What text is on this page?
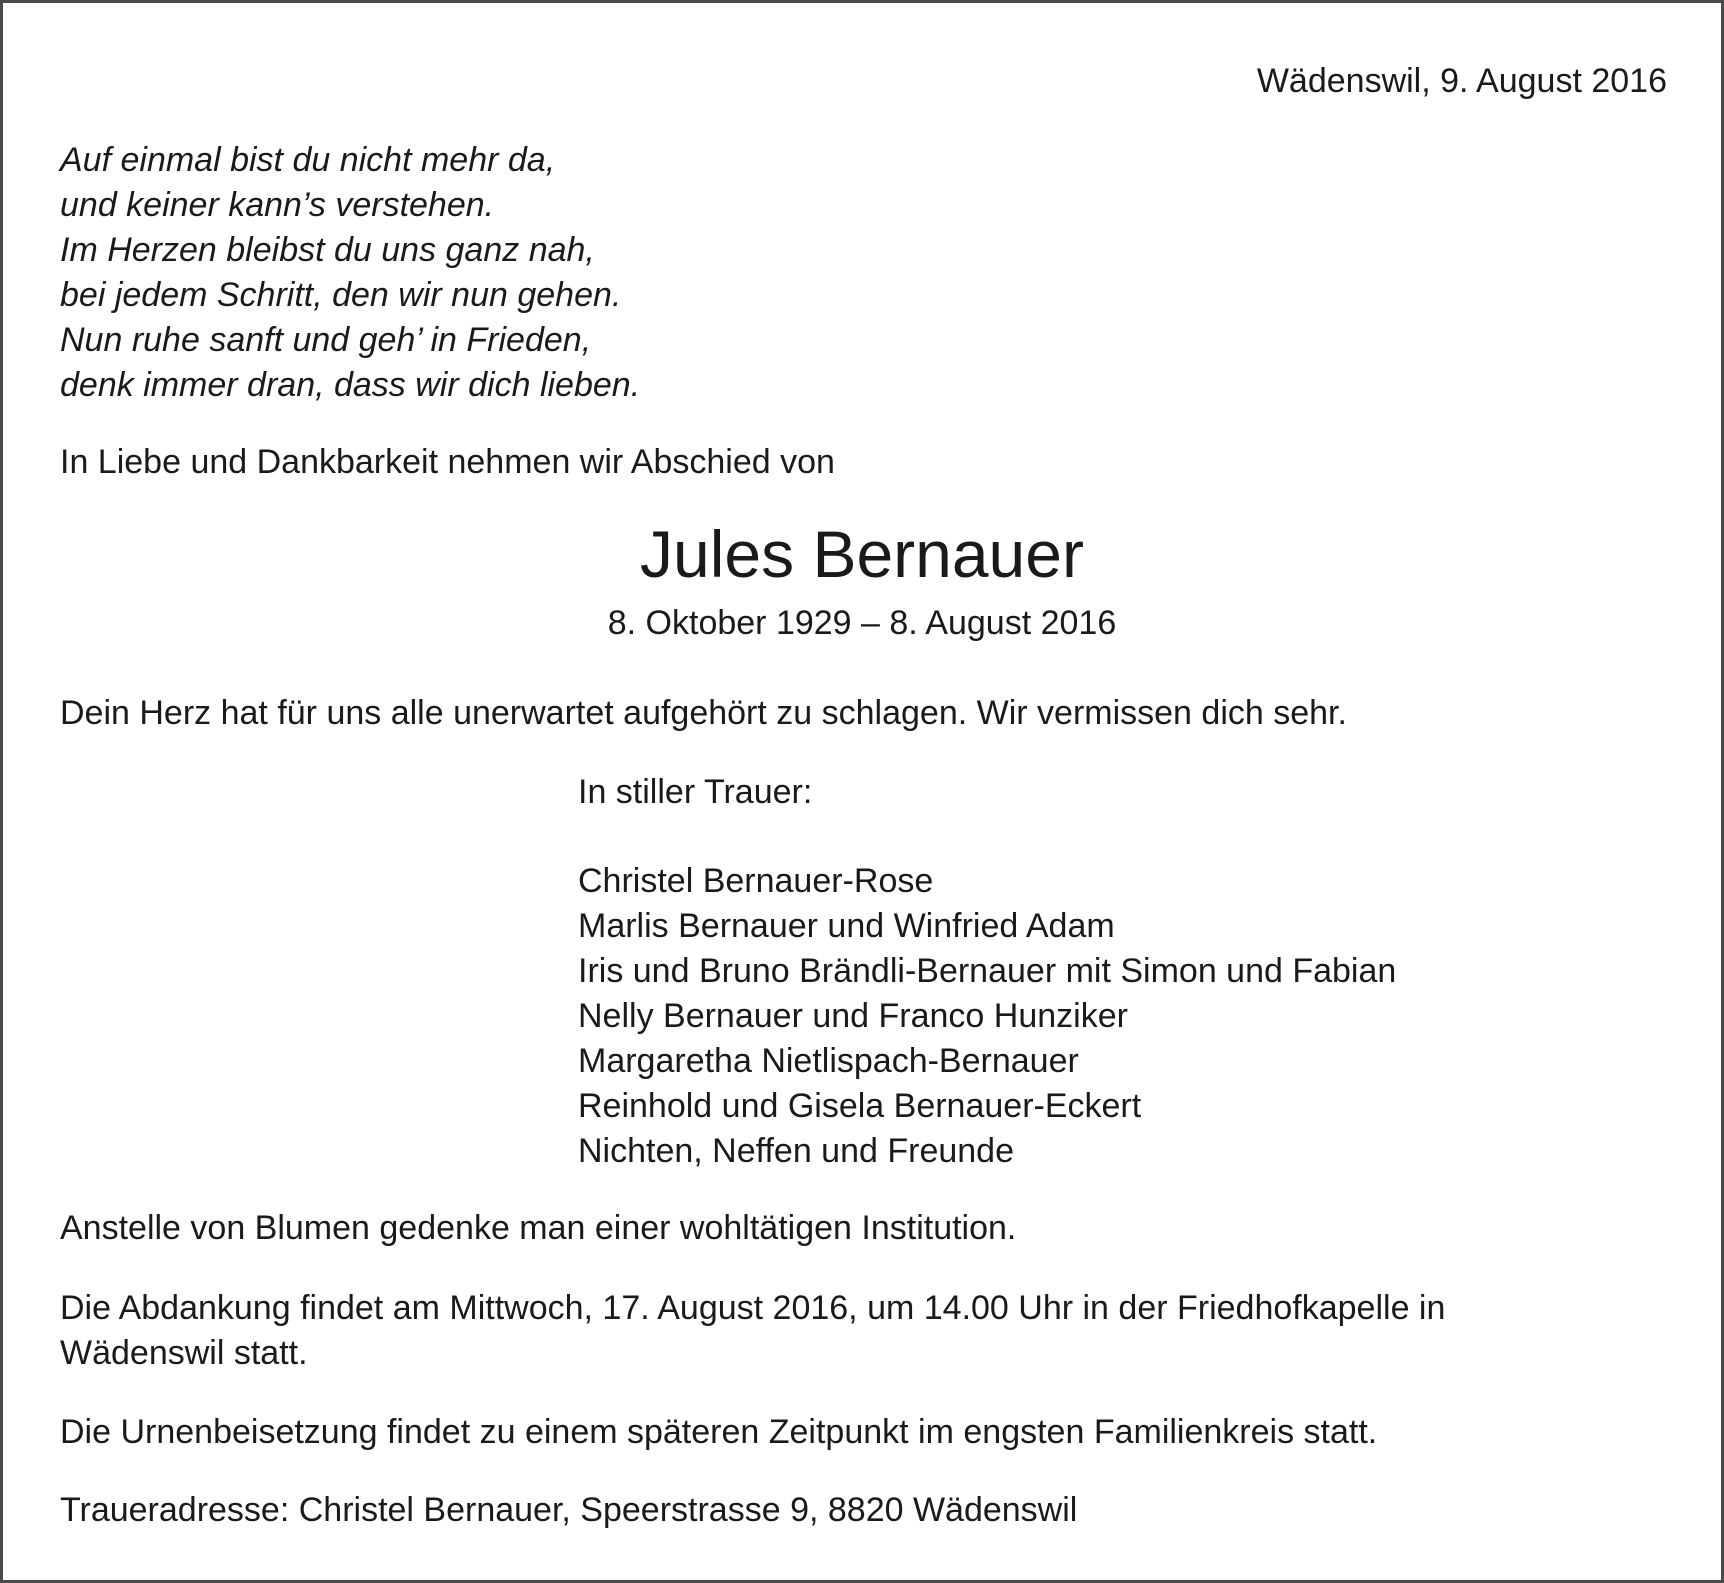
Wädenswil, 9. August 2016

Auf einmal bist du nicht mehr da,
und keiner kann’s verstehen.
Im Herzen bleibst du uns ganz nah,
bei jedem Schritt, den wir nun gehen.
Nun ruhe sanft und geh’ in Frieden,
denk immer dran, dass wir dich lieben.

In Liebe und Dankbarkeit nehmen wir Abschied von

Jules Bernauer

8. Oktober 1929 – 8. August 2016

Dein Herz hat für uns alle unerwartet aufgehört zu schlagen. Wir vermissen dich sehr.

In stiller Trauer:

Christel Bernauer-Rose
Marlis Bernauer und Winfried Adam
Iris und Bruno Brändli-Bernauer mit Simon und Fabian
Nelly Bernauer und Franco Hunziker
Margaretha Nietlispach-Bernauer
Reinhold und Gisela Bernauer-Eckert
Nichten, Neffen und Freunde

Anstelle von Blumen gedenke man einer wohltätigen Institution.

Die Abdankung findet am Mittwoch, 17. August 2016, um 14.00 Uhr in der Friedhofkapelle in
Wädenswil statt.

Die Urnenbeisetzung findet zu einem späteren Zeitpunkt im engsten Familienkreis statt.

Traueradresse: Christel Bernauer, Speerstrasse 9, 8820 Wädenswil
